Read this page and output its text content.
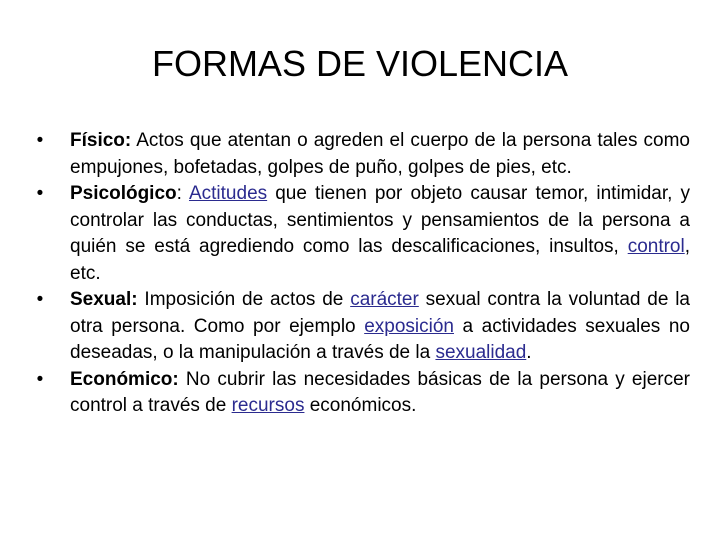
FORMAS DE VIOLENCIA
•	Físico: Actos que atentan o agreden el cuerpo de la persona tales como empujones, bofetadas, golpes de puño, golpes de pies, etc.
•	Psicológico: Actitudes que tienen por objeto causar temor, intimidar, y controlar las conductas, sentimientos y pensamientos de la persona a quién se está agrediendo como las descalificaciones, insultos, control, etc.
•	Sexual: Imposición de actos de carácter sexual contra la voluntad de la otra persona. Como por ejemplo exposición a actividades sexuales no deseadas, o la manipulación a través de la sexualidad.
•	Económico: No cubrir las necesidades básicas de la persona y ejercer control a través de recursos económicos.
